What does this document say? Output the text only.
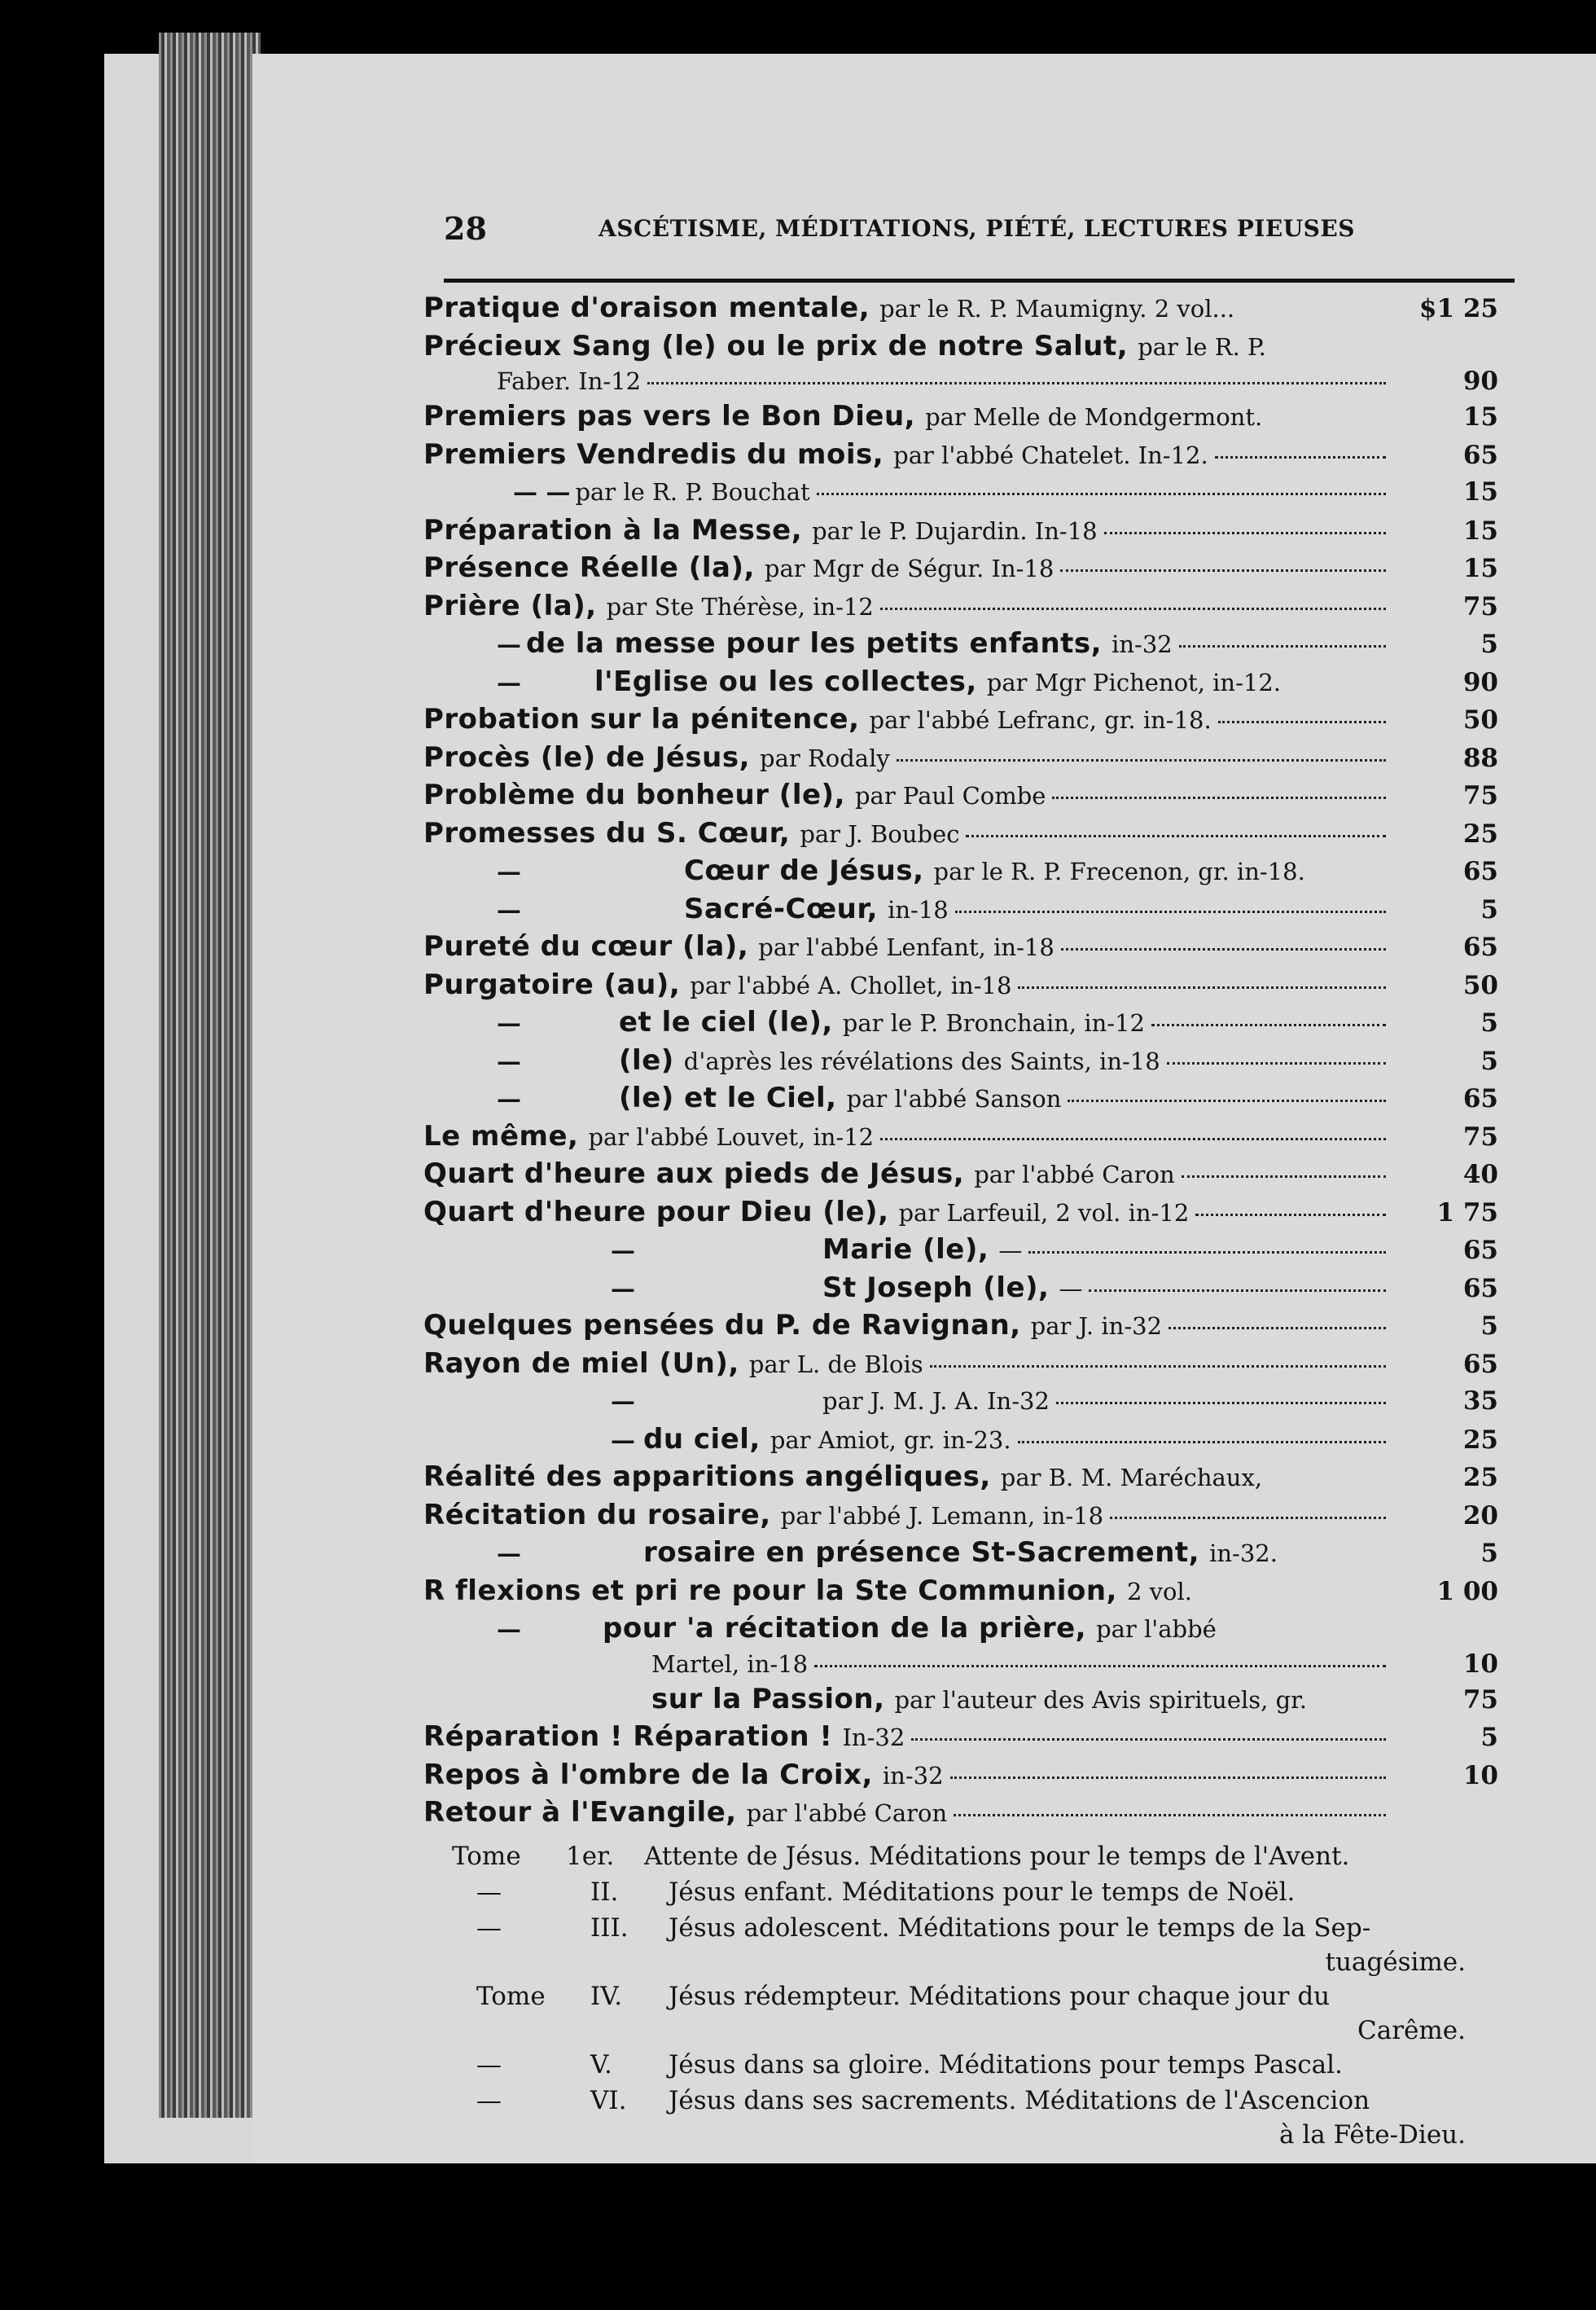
28	ASCÉTISME, MÉDITATIONS, PIÉTÉ, LECTURES PIEUSES
Pratique d'oraison mentale, par le R. P. Maumigny. 2 vol...	$1 25
Précieux Sang (le) ou le prix de notre Salut, par le R. P.
Faber. In-12	90
Premiers pas vers le Bon Dieu, par Melle de Mondgermont.	15
Premiers Vendredis du mois, par l'abbé Chatelet. In-12.	65
— — par le R. P. Bouchat	15
Préparation à la Messe, par le P. Dujardin. In-18	15
Présence Réelle (la), par Mgr de Ségur. In-18	15
Prière (la), par Ste Thérèse, in-12	75
— de la messe pour les petits enfants, in-32	5
—	l'Eglise ou les collectes, par Mgr Pichenot, in-12.	90
Probation sur la pénitence, par l'abbé Lefranc, gr. in-18.	50
Procès (le) de Jésus, par Rodaly	88
Problème du bonheur (le), par Paul Combe	75
Promesses du S. Cœur, par J. Boubec	25
—	Cœur de Jésus, par le R. P. Frecenon, gr. in-18.	65
—	Sacré-Cœur, in-18	5
Pureté du cœur (la), par l'abbé Lenfant, in-18	65
Purgatoire (au), par l'abbé A. Chollet, in-18	50
—	et le ciel (le), par le P. Bronchain, in-12	5
—	(le) d'après les révélations des Saints, in-18	5
—	(le) et le Ciel, par l'abbé Sanson	65
Le même, par l'abbé Louvet, in-12	75
Quart d'heure aux pieds de Jésus, par l'abbé Caron	40
Quart d'heure pour Dieu (le), par Larfeuil, 2 vol. in-12	1 75
—	Marie (le), —	65
—	St Joseph (le), —	65
Quelques pensées du P. de Ravignan, par J. in-32	5
Rayon de miel (Un), par L. de Blois	65
—	par J. M. J. A. In-32	35
— du ciel, par Amiot, gr. in-23.	25
Réalité des apparitions angéliques, par B. M. Maréchaux,	25
Récitation du rosaire, par l'abbé J. Lemann, in-18	20
—	rosaire en présence St-Sacrement, in-32.	5
R flexions et pri re pour la Ste Communion, 2 vol.	1 00
—	pour 'a récitation de la prière, par l'abbé
Martel, in-18	10
sur la Passion, par l'auteur des Avis spirituels, gr.	75
Réparation ! Réparation ! In-32	5
Repos à l'ombre de la Croix, in-32	10
Retour à l'Evangile, par l'abbé Caron
Tome	1er.	Attente de Jésus. Méditations pour le temps de l'Avent.
—	II.	Jésus enfant. Méditations pour le temps de Noël.
—	III.	Jésus adolescent. Méditations pour le temps de la Sep-
tuagésime.
Tome	IV.	Jésus rédempteur. Méditations pour chaque jour du
Carême.
—	V.	Jésus dans sa gloire. Méditations pour temps Pascal.
—	VI.	Jésus dans ses sacrements. Méditations de l'Ascencion
à la Fête-Dieu.
